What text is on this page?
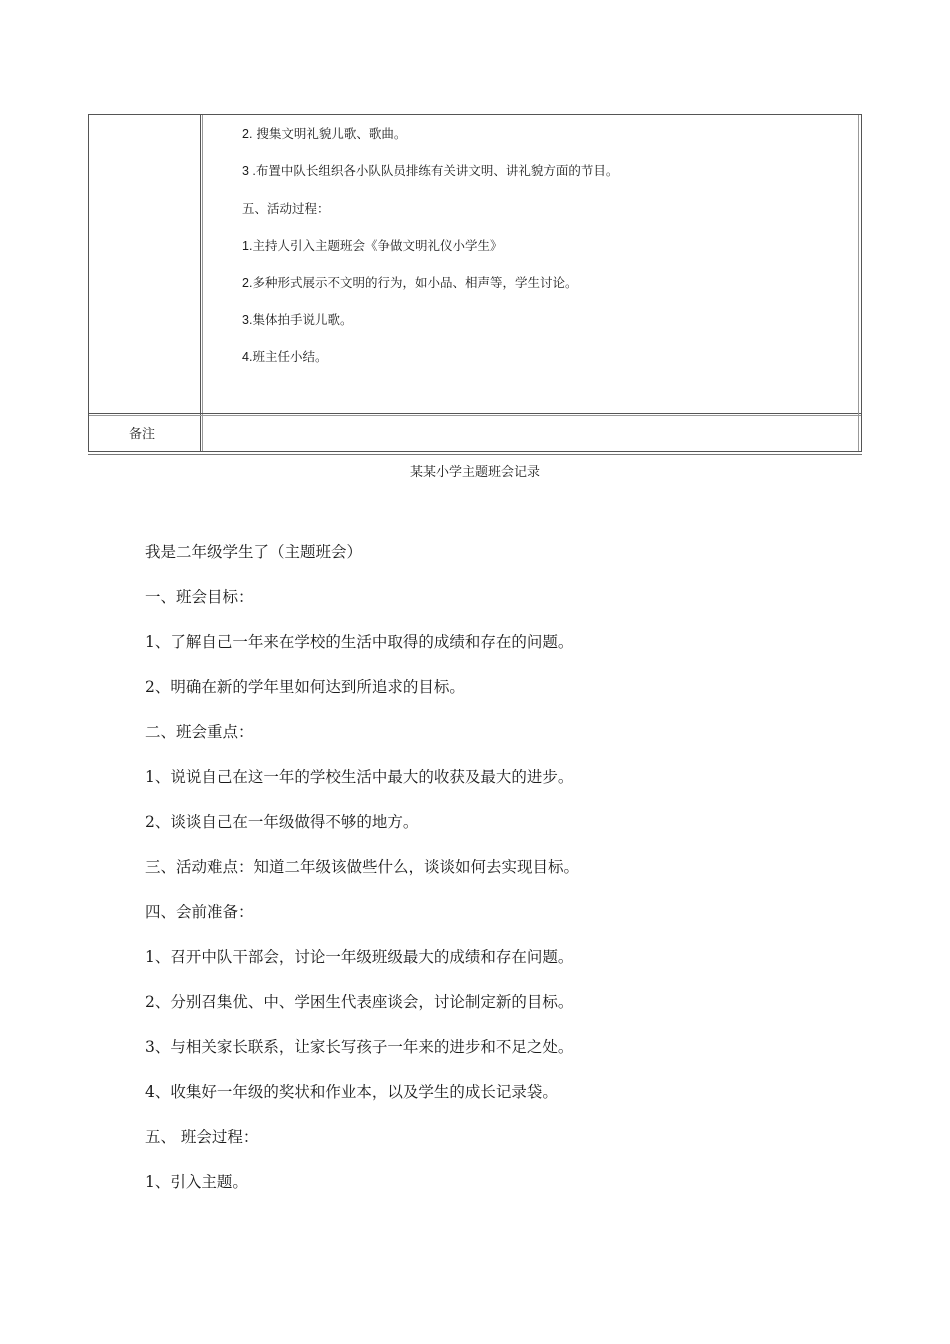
2. 搜集文明礼貌儿歌、歌曲。
3 .布置中队长组织各小队队员排练有关讲文明、讲礼貌方面的节目。
五、活动过程：
1.主持人引入主题班会《争做文明礼仪小学生》
2.多种形式展示不文明的行为，如小品、相声等，学生讨论。
3.集体拍手说儿歌。
4.班主任小结。
备注
某某小学主题班会记录
我是二年级学生了（主题班会）
一、班会目标：
1、了解自己一年来在学校的生活中取得的成绩和存在的问题。
2、明确在新的学年里如何达到所追求的目标。
二、班会重点：
1、说说自己在这一年的学校生活中最大的收获及最大的进步。
2、谈谈自己在一年级做得不够的地方。
三、活动难点：知道二年级该做些什么，谈谈如何去实现目标。
四、会前准备：
1、召开中队干部会，讨论一年级班级最大的成绩和存在问题。
2、分别召集优、中、学困生代表座谈会，讨论制定新的目标。
3、与相关家长联系，让家长写孩子一年来的进步和不足之处。
4、收集好一年级的奖状和作业本，以及学生的成长记录袋。
五、 班会过程：
1、引入主题。
